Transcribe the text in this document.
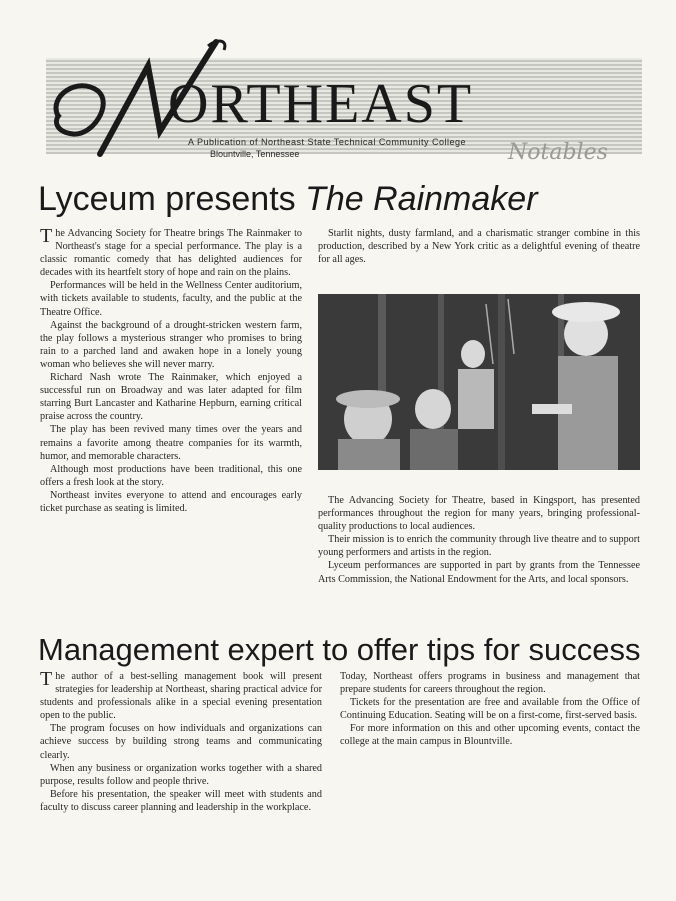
ORTHEAST
A Publication of Northeast State Technical Community College
Blountville, Tennessee	Notables
Lyceum presents The Rainmaker

The Advancing Society for Theatre brings The Rainmaker to Northeast's stage for a special performance. The play is a classic romantic comedy that has delighted audiences for decades with its heartfelt story of hope and rain on the plains.

Performances will be held in the Wellness Center auditorium, with tickets available to students, faculty, and the public at the Theatre Office.

Against the background of a drought-stricken western farm, the play follows a mysterious stranger who promises to bring rain to a parched land and awaken hope in a lonely young woman who believes she will never marry.

Richard Nash wrote The Rainmaker, which enjoyed a successful run on Broadway and was later adapted for film starring Burt Lancaster and Katharine Hepburn, earning critical praise across the country.

The play has been revived many times over the years and remains a favorite among theatre companies for its warmth, humor, and memorable characters.

Although most productions have been traditional, this one offers a fresh look at the story.

Northeast invites everyone to attend and encourages early ticket purchase as seating is limited.

Starlit nights, dusty farmland, and a charismatic stranger combine in this production, described by a New York critic as a delightful evening of theatre for all ages.

The Advancing Society for Theatre, based in Kingsport, has presented performances throughout the region for many years, bringing professional-quality productions to local audiences.

Their mission is to enrich the community through live theatre and to support young performers and artists in the region.

Lyceum performances are supported in part by grants from the Tennessee Arts Commission, the National Endowment for the Arts, and local sponsors.

Management expert to offer tips for success

The author of a best-selling management book will present strategies for leadership at Northeast, sharing practical advice for students and professionals alike in a special evening presentation open to the public.

The program focuses on how individuals and organizations can achieve success by building strong teams and communicating clearly.

When any business or organization works together with a shared purpose, results follow and people thrive.

Before his presentation, the speaker will meet with students and faculty to discuss career planning and leadership in the workplace.

Today, Northeast offers programs in business and management that prepare students for careers throughout the region.

Tickets for the presentation are free and available from the Office of Continuing Education. Seating will be on a first-come, first-served basis.

For more information on this and other upcoming events, contact the college at the main campus in Blountville.
